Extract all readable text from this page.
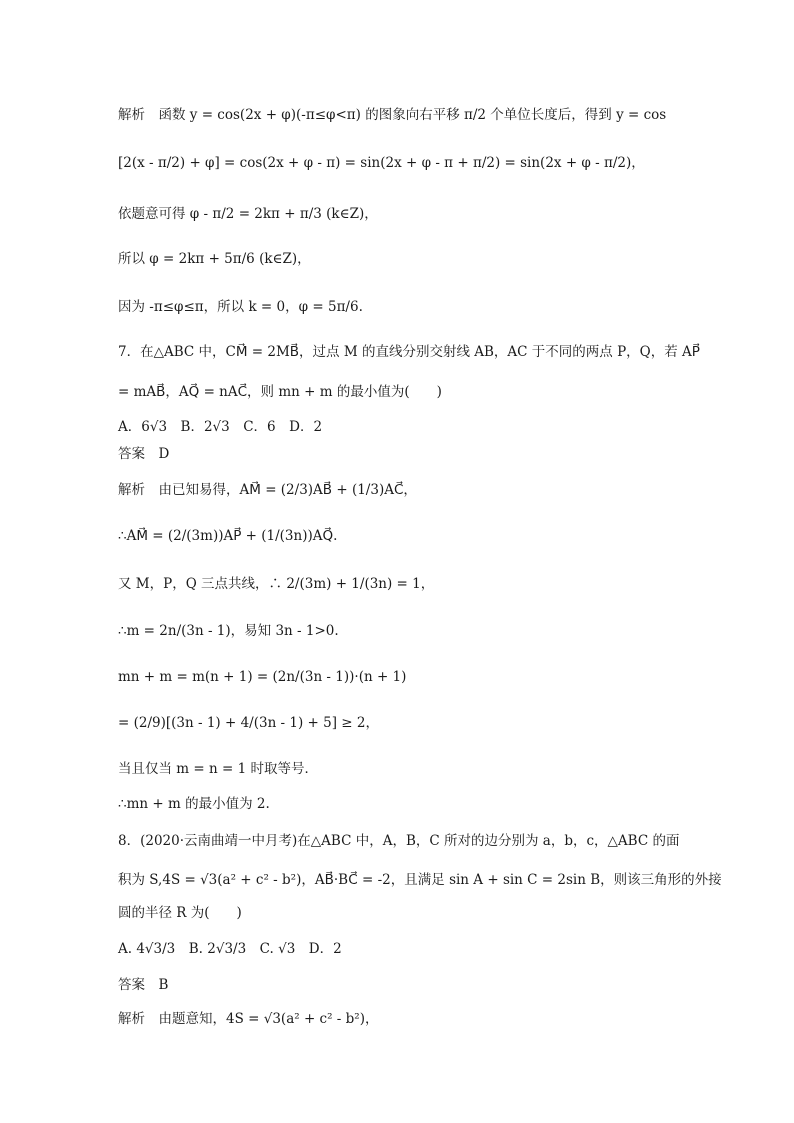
解析　函数 y = cos(2x + φ)(-π≤φ<π) 的图象向右平移 π/2 个单位长度后，得到 y = cos
[2(x - π/2) + φ] = cos(2x + φ - π) = sin(2x + φ - π + π/2) = sin(2x + φ - π/2)，
依题意可得 φ - π/2 = 2kπ + π/3 (k∈Z)，
所以 φ = 2kπ + 5π/6 (k∈Z)，
因为 -π≤φ≤π，所以 k = 0，φ = 5π/6.
7．在△ABC 中，CM⃗ = 2MB⃗，过点 M 的直线分别交射线 AB，AC 于不同的两点 P，Q，若 AP⃗
= mAB⃗，AQ⃗ = nAC⃗，则 mn + m 的最小值为(　　)
A．6√3　B．2√3　C．6　D．2
答案　D
解析　由已知易得，AM⃗ = (2/3)AB⃗ + (1/3)AC⃗，
∴AM⃗ = (2/(3m))AP⃗ + (1/(3n))AQ⃗.
又 M，P，Q 三点共线，∴ 2/(3m) + 1/(3n) = 1，
∴m = 2n/(3n - 1)，易知 3n - 1>0.
mn + m = m(n + 1) = (2n/(3n - 1))·(n + 1)
= (2/9)[(3n - 1) + 4/(3n - 1) + 5] ≥ 2，
当且仅当 m = n = 1 时取等号．
∴mn + m 的最小值为 2.
8．(2020·云南曲靖一中月考)在△ABC 中，A，B，C 所对的边分别为 a，b，c，△ABC 的面
积为 S,4S = √3(a² + c² - b²)，AB⃗·BC⃗ = -2，且满足 sin A + sin C = 2sin B，则该三角形的外接
圆的半径 R 为(　　)
A. 4√3/3　B. 2√3/3　C. √3　D．2
答案　B
解析　由题意知，4S = √3(a² + c² - b²)，
